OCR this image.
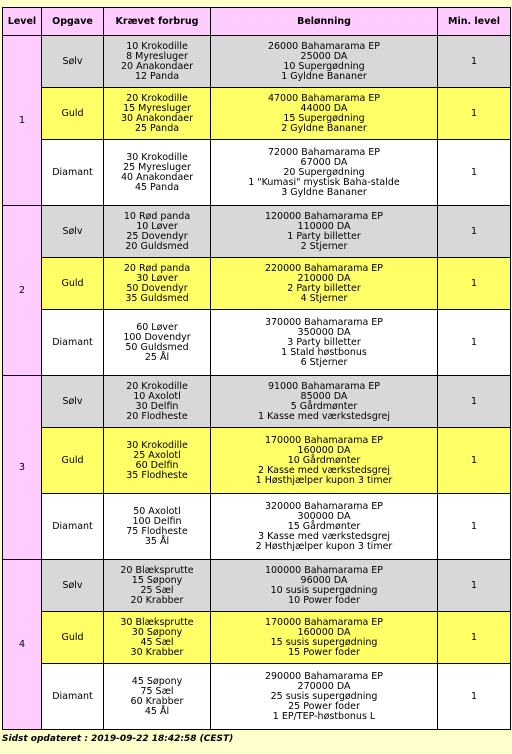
Level	Opgave	Krævet forbrug	Belønning	Min. level
1	Sølv	10 Krokodille
8 Myresluger
20 Anakondaer
12 Panda	26000 Bahamarama EP
25000 DA
10 Supergødning
1 Gyldne Bananer	1
	Guld	20 Krokodille
15 Myresluger
30 Anakondaer
25 Panda	47000 Bahamarama EP
44000 DA
15 Supergødning
2 Gyldne Bananer	1
	Diamant	30 Krokodille
25 Myresluger
40 Anakondaer
45 Panda	72000 Bahamarama EP
67000 DA
20 Supergødning
1 "Kumasi" mystisk Baha-stalde
3 Gyldne Bananer	1
2	Sølv	10 Rød panda
10 Løver
25 Dovendyr
20 Guldsmed	120000 Bahamarama EP
110000 DA
1 Party billetter
2 Stjerner	1
	Guld	20 Rød panda
30 Løver
50 Dovendyr
35 Guldsmed	220000 Bahamarama EP
210000 DA
2 Party billetter
4 Stjerner	1
	Diamant	60 Løver
100 Dovendyr
50 Guldsmed
25 Ål	370000 Bahamarama EP
350000 DA
3 Party billetter
1 Stald høstbonus
6 Stjerner	1
3	Sølv	20 Krokodille
10 Axolotl
30 Delfin
20 Flodheste	91000 Bahamarama EP
85000 DA
5 Gårdmønter
1 Kasse med værkstedsgrej	1
	Guld	30 Krokodille
25 Axolotl
60 Delfin
35 Flodheste	170000 Bahamarama EP
160000 DA
10 Gårdmønter
2 Kasse med værkstedsgrej
1 Høsthjælper kupon 3 timer	1
	Diamant	50 Axolotl
100 Delfin
75 Flodheste
35 Ål	320000 Bahamarama EP
300000 DA
15 Gårdmønter
3 Kasse med værkstedsgrej
2 Høsthjælper kupon 3 timer	1
4	Sølv	20 Blæksprutte
15 Søpony
25 Sæl
20 Krabber	100000 Bahamarama EP
96000 DA
10 susis supergødning
10 Power foder	1
	Guld	30 Blæksprutte
30 Søpony
45 Sæl
30 Krabber	170000 Bahamarama EP
160000 DA
15 susis supergødning
15 Power foder	1
	Diamant	45 Søpony
75 Sæl
60 Krabber
45 Ål	290000 Bahamarama EP
270000 DA
25 susis supergødning
25 Power foder
1 EP/TEP-høstbonus L	1
Sidst opdateret : 2019-09-22 18:42:58 (CEST)
